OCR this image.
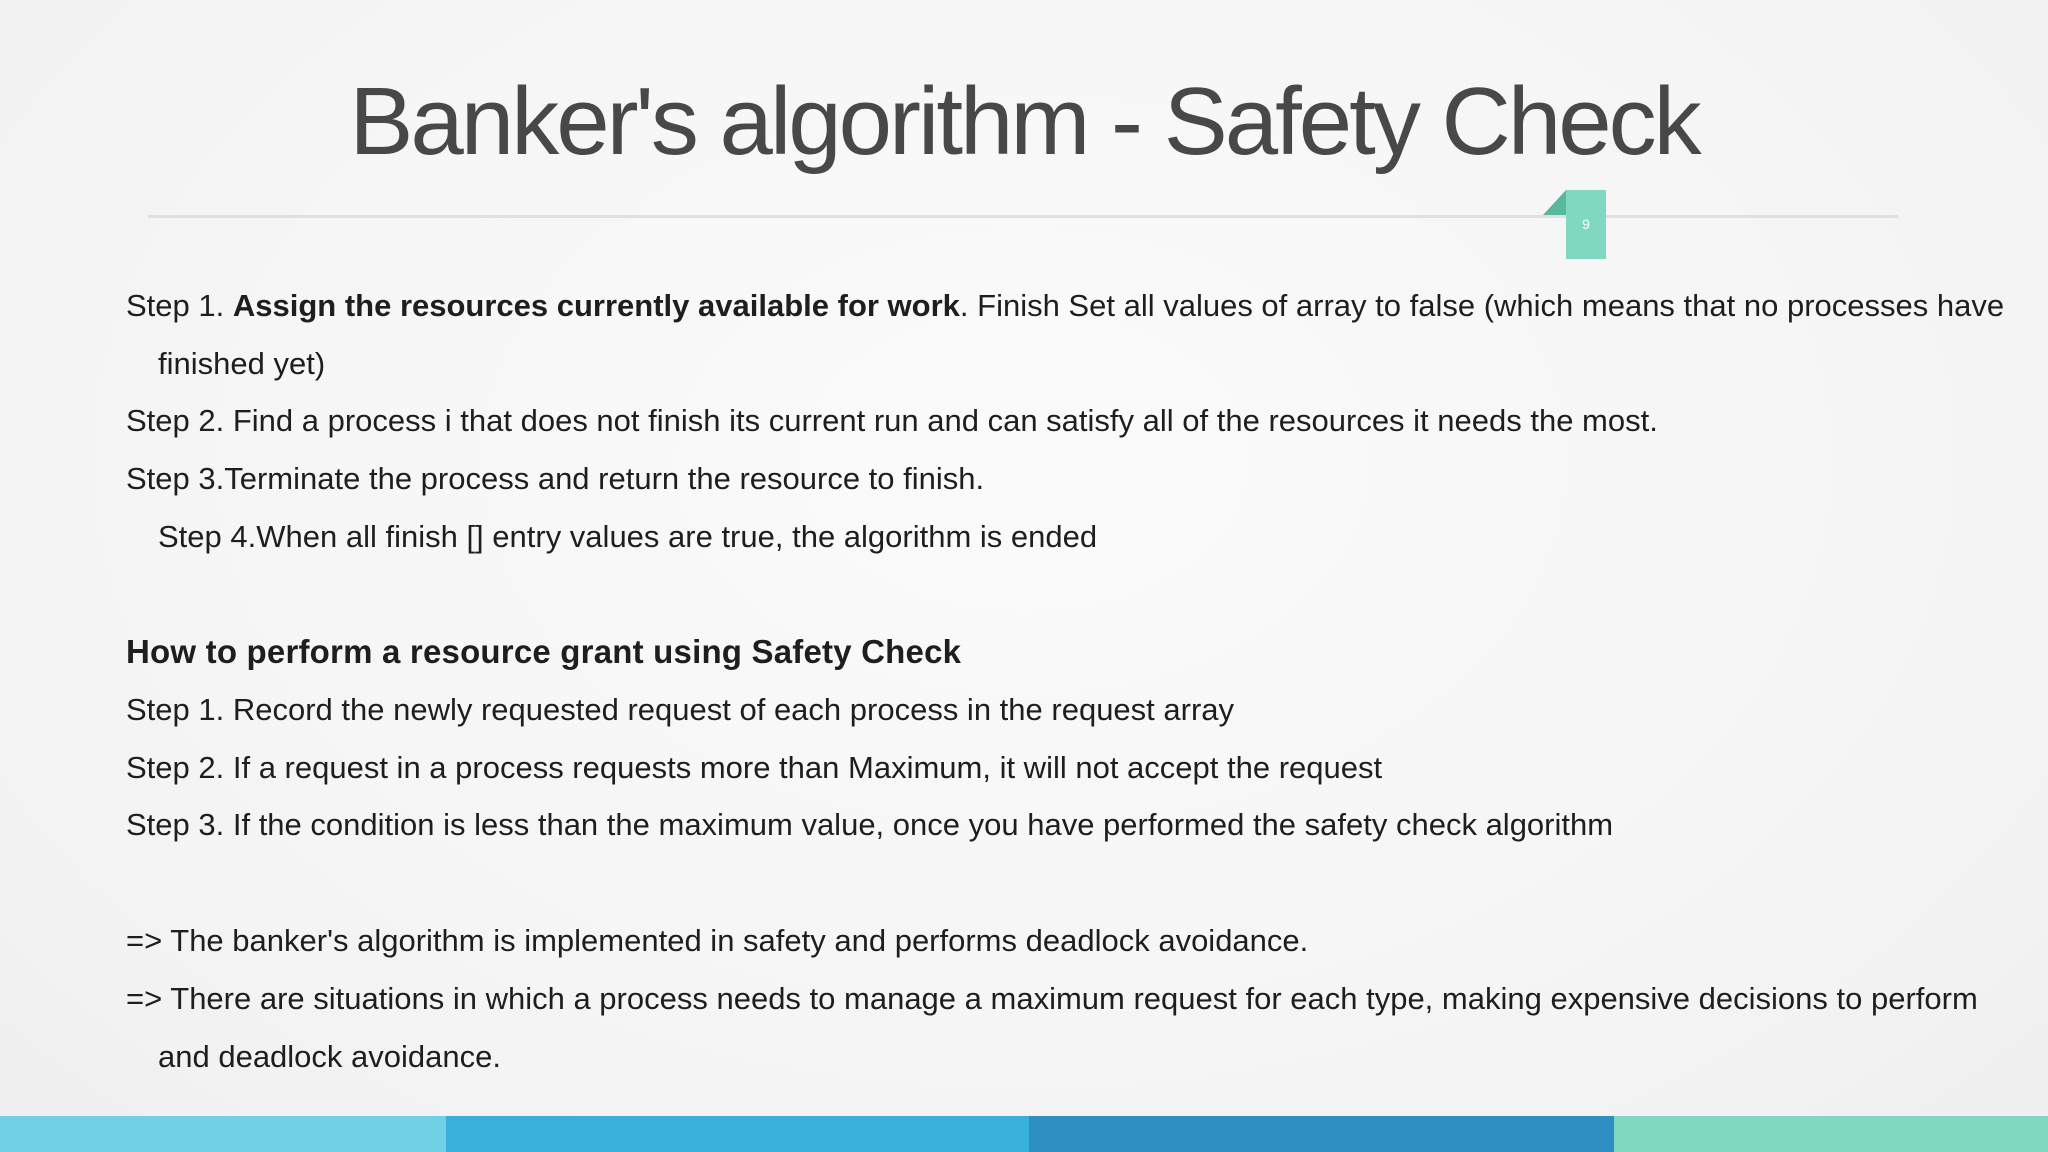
Banker's algorithm - Safety Check
9
Step 1. Assign the resources currently available for work. Finish Set all values of array to false (which means that no processes have
finished yet)
Step 2. Find a process i that does not finish its current run and can satisfy all of the resources it needs the most.
Step 3.Terminate the process and return the resource to finish.
Step 4.When all finish [] entry values are true, the algorithm is ended
How to perform a resource grant using Safety Check
Step 1. Record the newly requested request of each process in the request array
Step 2. If a request in a process requests more than Maximum, it will not accept the request
Step 3. If the condition is less than the maximum value, once you have performed the safety check algorithm
=> The banker's algorithm is implemented in safety and performs deadlock avoidance.
=> There are situations in which a process needs to manage a maximum request for each type, making expensive decisions to perform
and deadlock avoidance.
